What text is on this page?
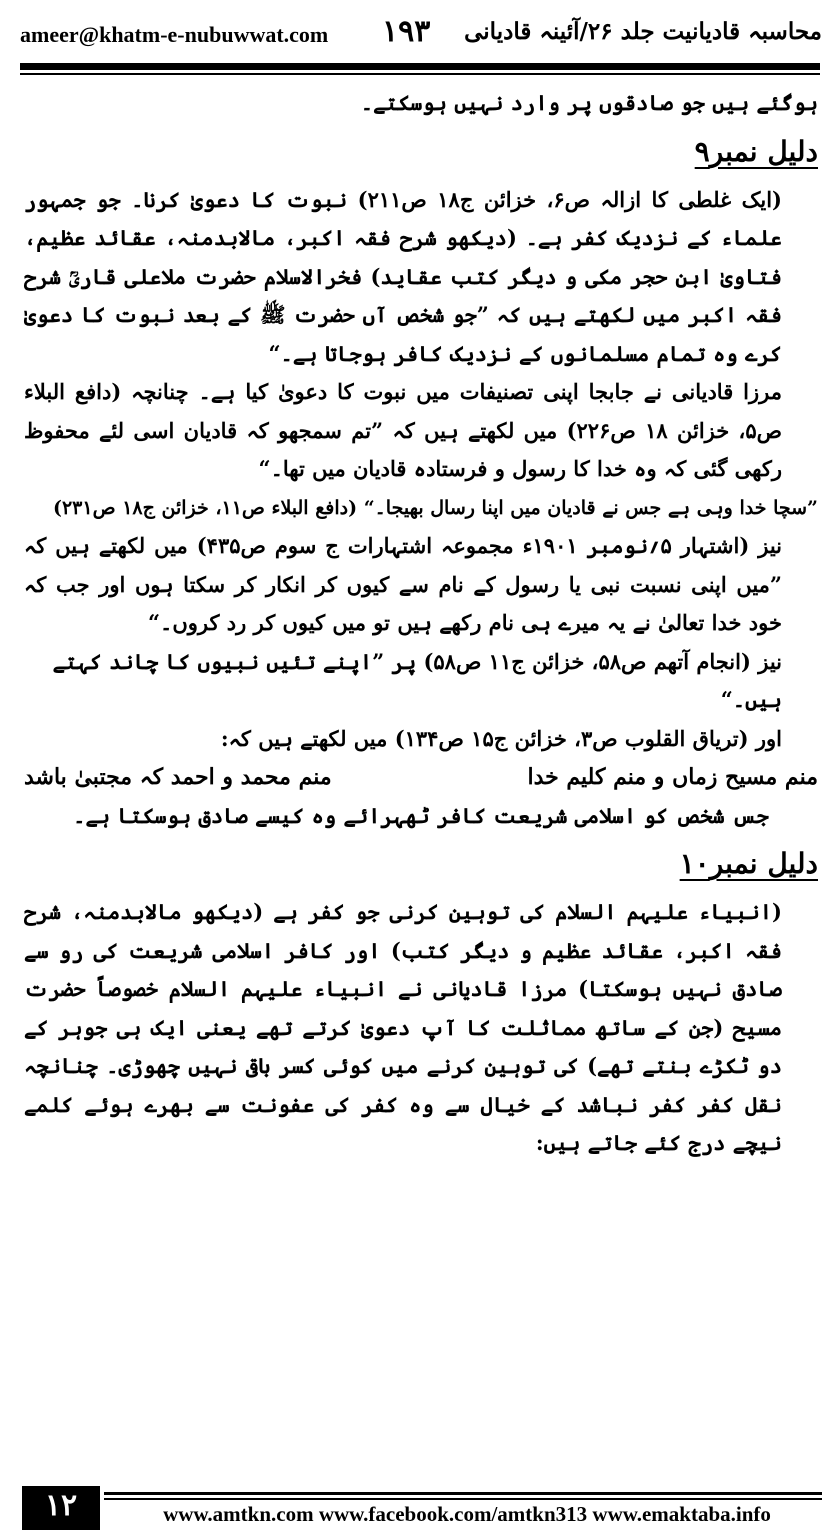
ameer@khatm-e-nubuwwat.com ١٩٣ محاسبہ قادیانیت جلد ۲۶/آئینہ قادیانی

ہوگئے ہیں جو صادقوں پر وارد نہیں ہوسکتے۔

دلیل نمبر۹

(ایک غلطی کا ازالہ ص۶، خزائن ج۱۸ ص۲۱۱) نبوت کا دعویٰ کرنا۔ جو جمہور علماء کے نزدیک کفر ہے۔ (دیکھو شرح فقہ اکبر، مالابدمنہ، عقائد عظیم، فتاویٰ ابن حجر مکی و دیگر کتب عقاید) فخرالاسلام حضرت ملاعلی قاریؒ شرح فقہ اکبر میں لکھتے ہیں کہ ”جو شخص آں حضرت ﷺ کے بعد نبوت کا دعویٰ کرے وہ تمام مسلمانوں کے نزدیک کافر ہوجاتا ہے۔“

مرزا قادیانی نے جابجا اپنی تصنیفات میں نبوت کا دعویٰ کیا ہے۔ چنانچہ (دافع البلاء ص۵، خزائن ۱۸ ص۲۲۶) میں لکھتے ہیں کہ ”تم سمجھو کہ قادیان اسی لئے محفوظ رکھی گئی کہ وہ خدا کا رسول و فرستادہ قادیان میں تھا۔“

”سچا خدا وہی ہے جس نے قادیان میں اپنا رسال بھیجا۔“ (دافع البلاء ص۱۱، خزائن ج۱۸ ص۲۳۱)

نیز (اشتہار ۵؍نومبر ۱۹۰۱ء مجموعہ اشتہارات ج سوم ص۴۳۵) میں لکھتے ہیں کہ ”میں اپنی نسبت نبی یا رسول کے نام سے کیوں کر انکار کر سکتا ہوں اور جب کہ خود خدا تعالیٰ نے یہ میرے ہی نام رکھے ہیں تو میں کیوں کر رد کروں۔“

نیز (انجام آتھم ص۵۸، خزائن ج۱۱ ص۵۸) پر ”اپنے تئیں نبیوں کا چاند کہتے ہیں۔“

اور (تریاق القلوب ص۳، خزائن ج۱۵ ص۱۳۴) میں لکھتے ہیں کہ:

منم مسیح زماں و منم کلیم خدا
منم محمد و احمد کہ مجتبیٰ باشد

جس شخص کو اسلامی شریعت کافر ٹھہرائے وہ کیسے صادق ہوسکتا ہے۔

دلیل نمبر۱۰

(انبیاء علیہم السلام کی توہین کرنی جو کفر ہے (دیکھو مالابدمنہ، شرح فقہ اکبر، عقائد عظیم و دیگر کتب) اور کافر اسلامی شریعت کی رو سے صادق نہیں ہوسکتا) مرزا قادیانی نے انبیاء علیہم السلام خصوصاً حضرت مسیح (جن کے ساتھ مماثلت کا آپ دعویٰ کرتے تھے یعنی ایک ہی جوہر کے دو ٹکڑے بنتے تھے) کی توہین کرنے میں کوئی کسر باقی نہیں چھوڑی۔ چنانچہ نقل کفر کفر نباشد کے خیال سے وہ کفر کی عفونت سے بھرے ہوئے کلمے نیچے درج کئے جاتے ہیں:

١٢	www.amtkn.com www.facebook.com/amtkn313 www.emaktaba.info
